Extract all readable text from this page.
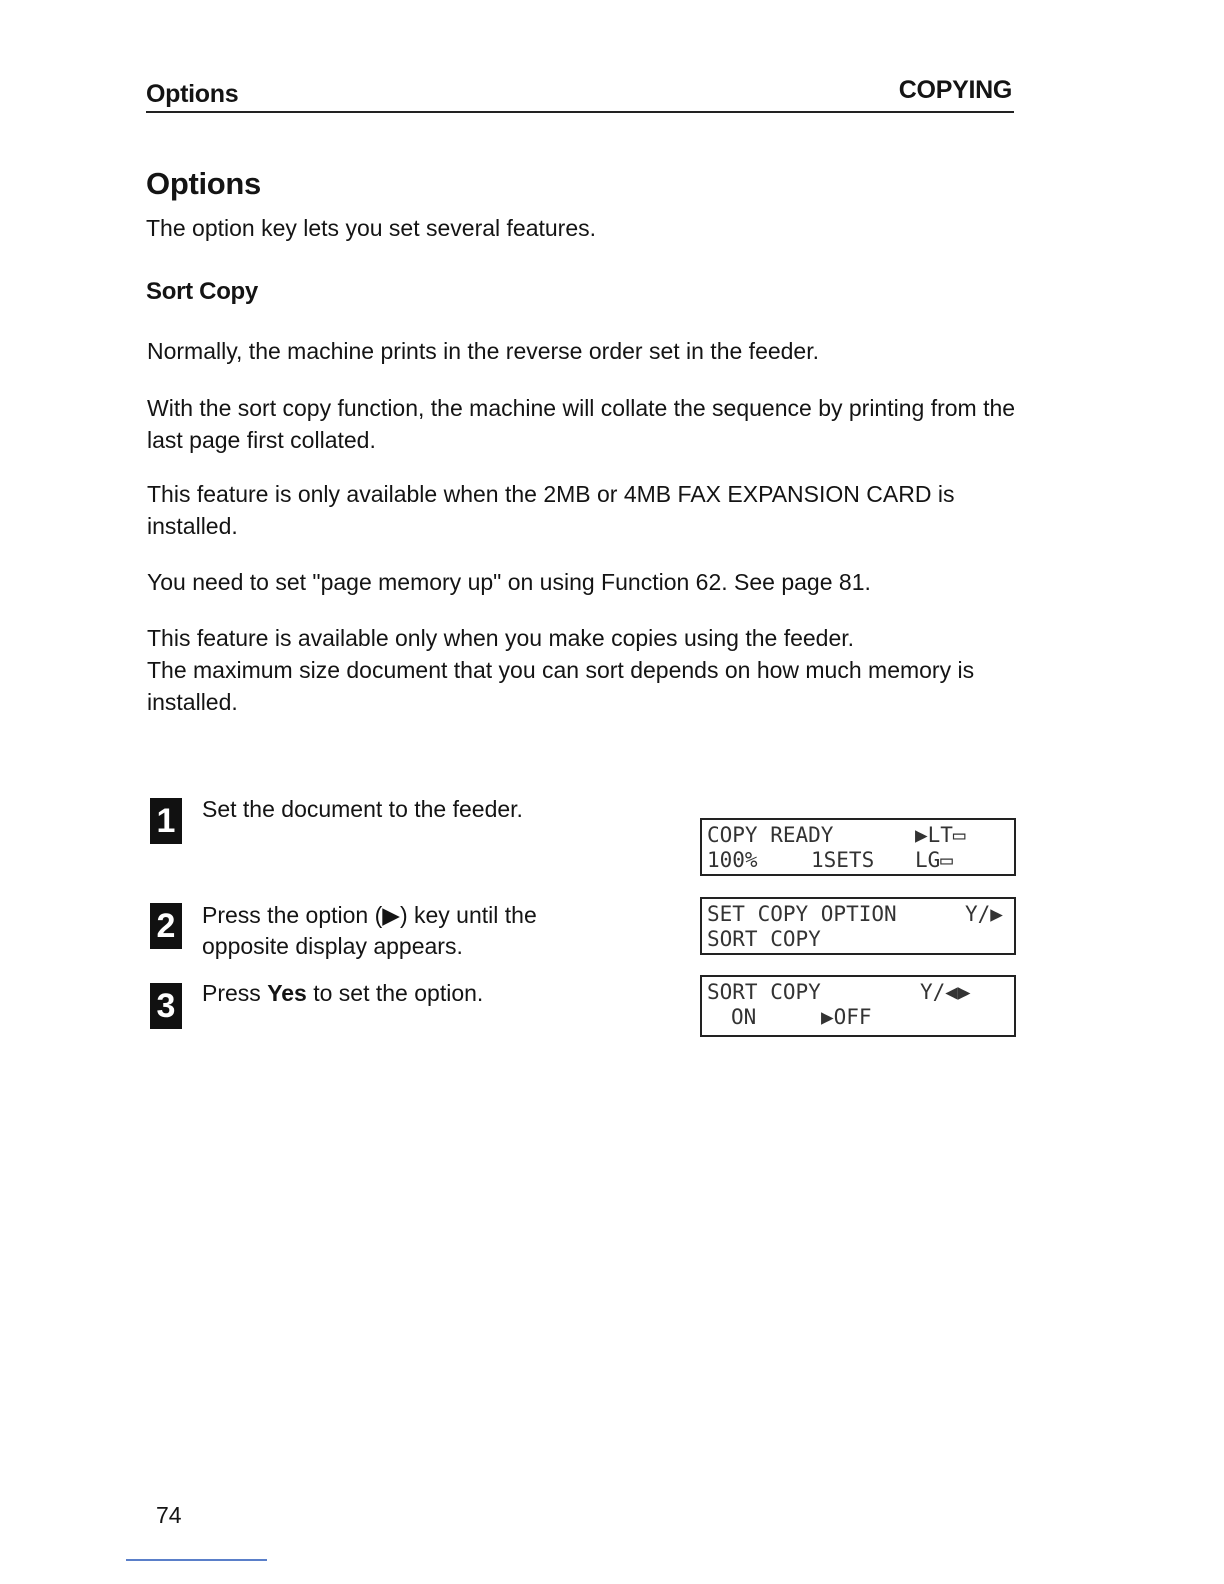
Options	COPYING
Options

The option key lets you set several features.

Sort Copy

Normally, the machine prints in the reverse order set in the feeder.

With the sort copy function, the machine will collate the sequence by printing from the last page first collated.

This feature is only available when the 2MB or 4MB FAX EXPANSION CARD is installed.

You need to set "page memory up" on using Function 62. See page 81.

This feature is available only when you make copies using the feeder.

The maximum size document that you can sort depends on how much memory is installed.

1 Set the document to the feeder.

2 Press the option (▶) key until the opposite display appears.

3 Press Yes to set the option.

COPY READY

	▶LT▭

100%

	1SETS

LG▭

SET COPY OPTION

	Y/▶

SORT COPY

SORT COPY

	Y/◀▶

ON

	▶OFF

74
